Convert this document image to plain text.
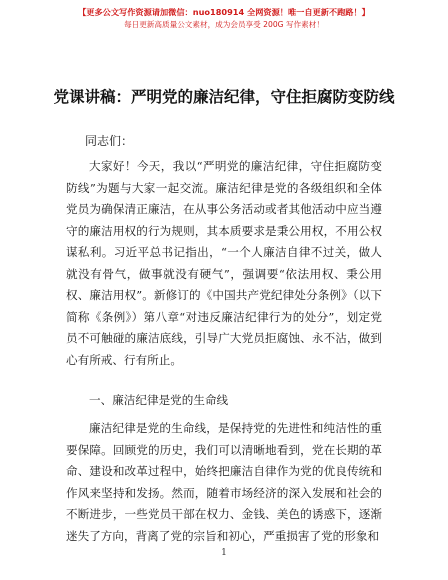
【更多公文写作资源请加微信：nuo180914 全网资源！唯一自更新不跑路！】
每日更新高质量公文素材，成为会员享受 200G 写作素材！
党课讲稿：严明党的廉洁纪律，守住拒腐防变防线
同志们：
大家好！今天，我以“严明党的廉洁纪律，守住拒腐防变防线”为题与大家一起交流。廉洁纪律是党的各级组织和全体党员为确保清正廉洁，在从事公务活动或者其他活动中应当遵守的廉洁用权的行为规则，其本质要求是秉公用权，不用公权谋私利。习近平总书记指出，“一个人廉洁自律不过关，做人就没有骨气，做事就没有硬气”，强调要“依法用权、秉公用权、廉洁用权”。新修订的《中国共产党纪律处分条例》（以下简称《条例》）第八章“对违反廉洁纪律行为的处分”，划定党员不可触碰的廉洁底线，引导广大党员拒腐蚀、永不沾，做到心有所戒、行有所止。
一、廉洁纪律是党的生命线
廉洁纪律是党的生命线，是保持党的先进性和纯洁性的重要保障。回顾党的历史，我们可以清晰地看到，党在长期的革命、建设和改革过程中，始终把廉洁自律作为党的优良传统和作风来坚持和发扬。然而，随着市场经济的深入发展和社会的不断进步，一些党员干部在权力、金钱、美色的诱惑下，逐渐迷失了方向，背离了党的宗旨和初心，严重损害了党的形象和
1
